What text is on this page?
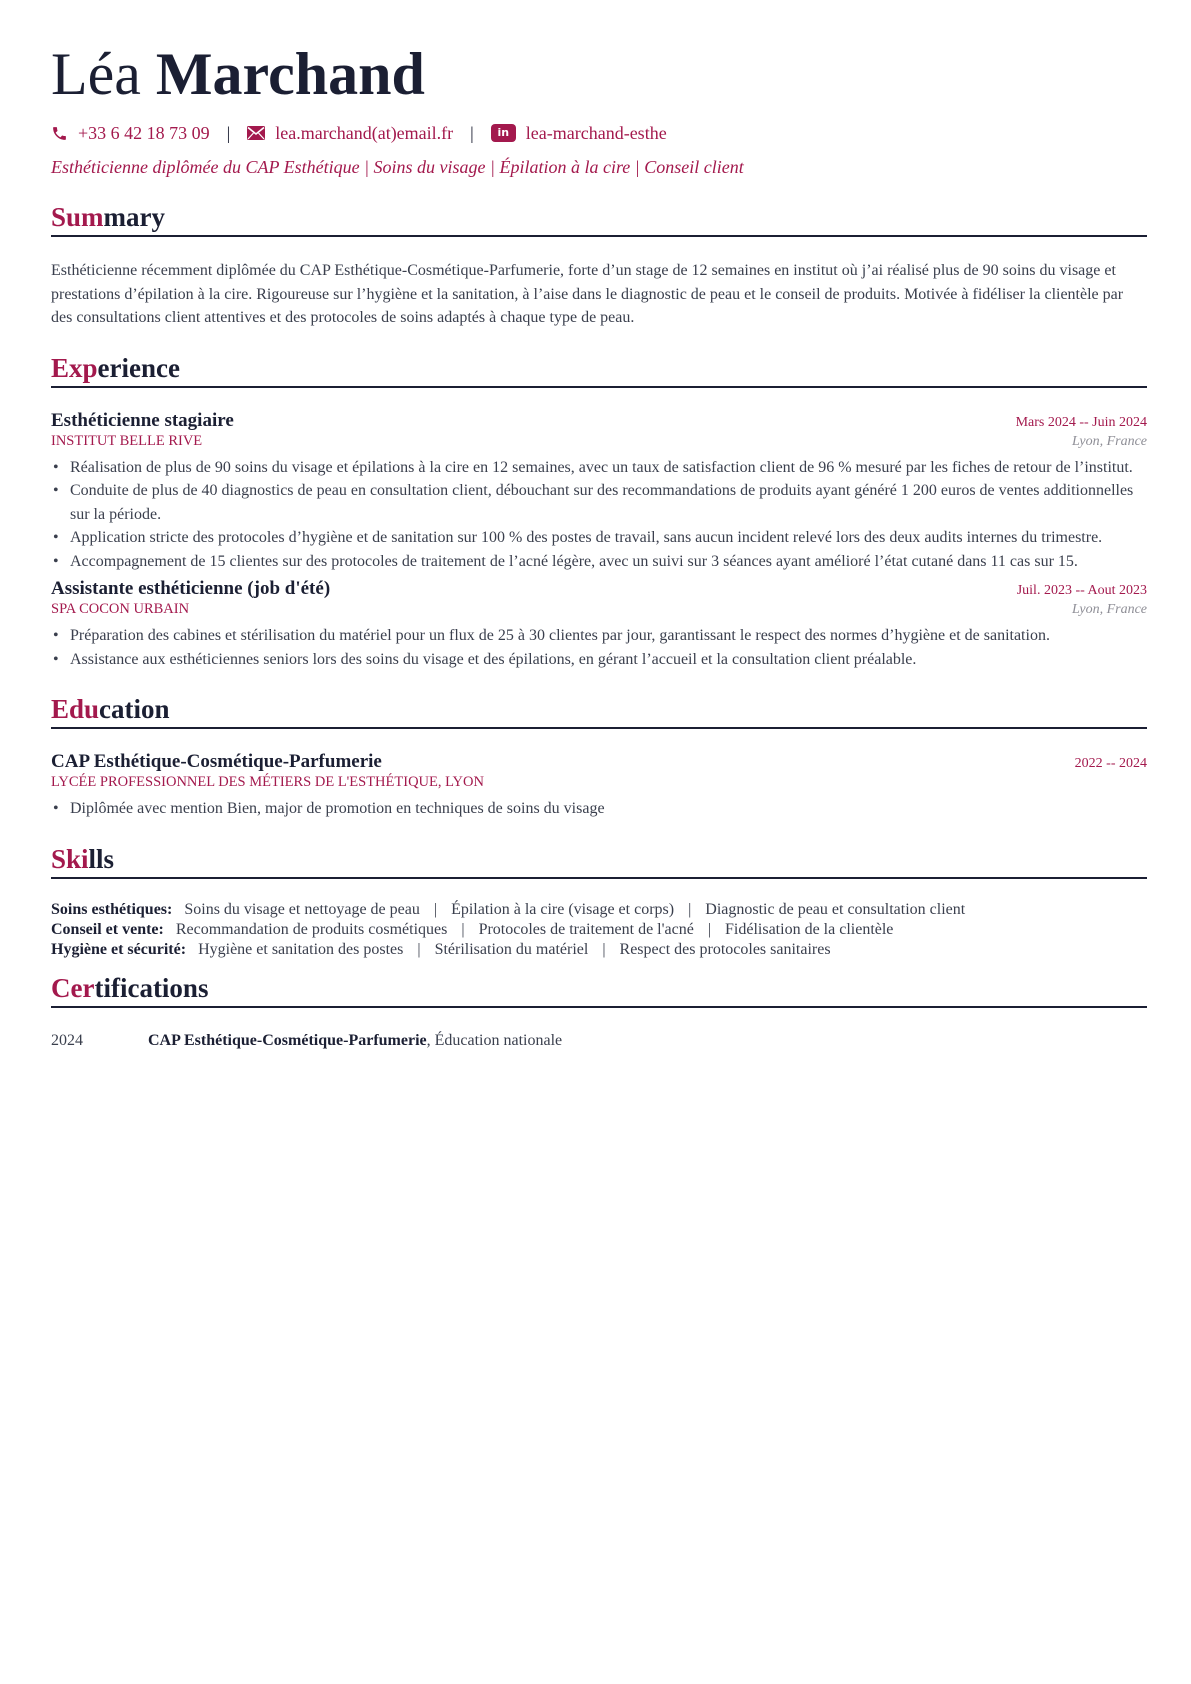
Léa Marchand
+33 6 42 18 73 09 |	lea.marchand(at)email.fr |	in lea-marchand-esthe
Esthéticienne diplômée du CAP Esthétique | Soins du visage | Épilation à la cire | Conseil client
Summary
Esthéticienne récemment diplômée du CAP Esthétique-Cosmétique-Parfumerie, forte d’un stage de 12 semaines en institut où j’ai réalisé plus de 90 soins du visage et prestations d’épilation à la cire. Rigoureuse sur l’hygiène et la sanitation, à l’aise dans le diagnostic de peau et le conseil de produits. Motivée à fidéliser la clientèle par des consultations client attentives et des protocoles de soins adaptés à chaque type de peau.
Experience
Esthéticienne stagiaire	Mars 2024 -- Juin 2024
INSTITUT BELLE RIVE	Lyon, France
• Réalisation de plus de 90 soins du visage et épilations à la cire en 12 semaines, avec un taux de satisfaction client de 96 % mesuré par les fiches de retour de l’institut.
• Conduite de plus de 40 diagnostics de peau en consultation client, débouchant sur des recommandations de produits ayant généré 1 200 euros de ventes additionnelles sur la période.
• Application stricte des protocoles d’hygiène et de sanitation sur 100 % des postes de travail, sans aucun incident relevé lors des deux audits internes du trimestre.
• Accompagnement de 15 clientes sur des protocoles de traitement de l’acné légère, avec un suivi sur 3 séances ayant amélioré l’état cutané dans 11 cas sur 15.
Assistante esthéticienne (job d'été)	Juil. 2023 -- Aout 2023
SPA COCON URBAIN	Lyon, France
• Préparation des cabines et stérilisation du matériel pour un flux de 25 à 30 clientes par jour, garantissant le respect des normes d’hygiène et de sanitation.
• Assistance aux esthéticiennes seniors lors des soins du visage et des épilations, en gérant l’accueil et la consultation client préalable.
Education
CAP Esthétique-Cosmétique-Parfumerie	2022 -- 2024
LYCÉE PROFESSIONNEL DES MÉTIERS DE L'ESTHÉTIQUE, LYON
• Diplômée avec mention Bien, major de promotion en techniques de soins du visage
Skills
Soins esthétiques: Soins du visage et nettoyage de peau | Épilation à la cire (visage et corps) | Diagnostic de peau et consultation client
Conseil et vente: Recommandation de produits cosmétiques | Protocoles de traitement de l'acné | Fidélisation de la clientèle
Hygiène et sécurité: Hygiène et sanitation des postes | Stérilisation du matériel | Respect des protocoles sanitaires
Certifications
2024	CAP Esthétique-Cosmétique-Parfumerie, Éducation nationale
